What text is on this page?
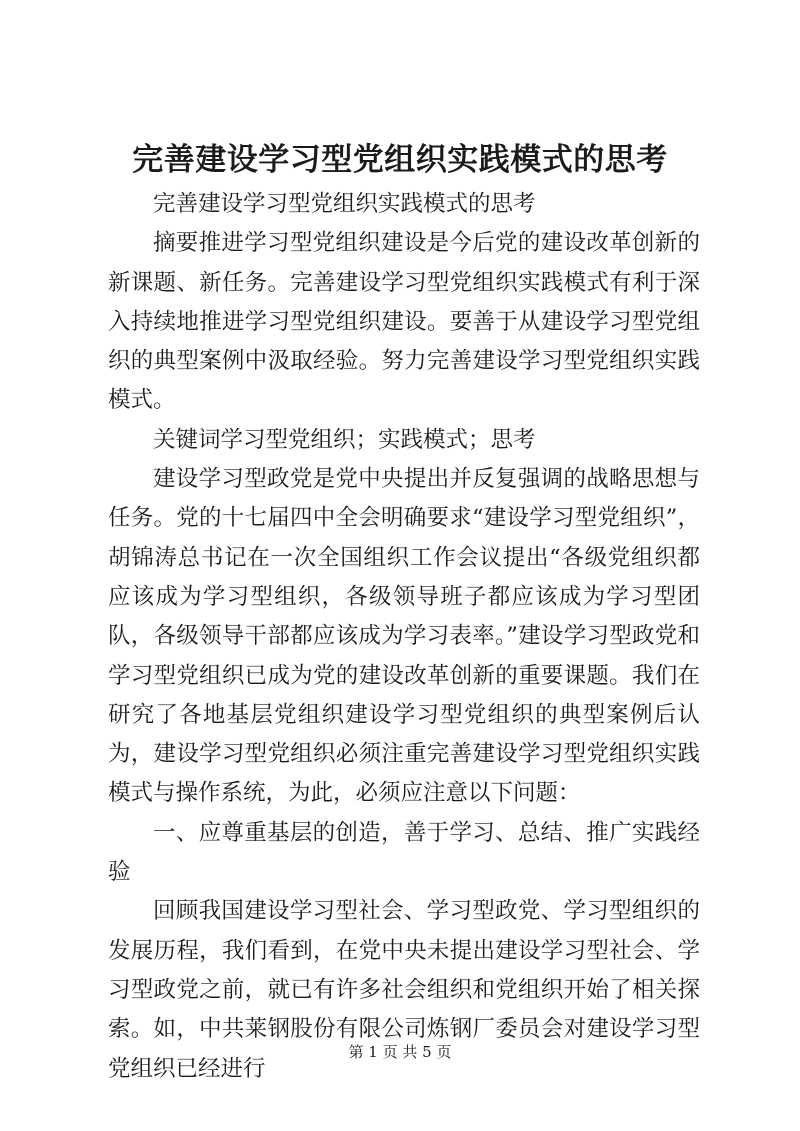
完善建设学习型党组织实践模式的思考

完善建设学习型党组织实践模式的思考

摘要推进学习型党组织建设是今后党的建设改革创新的新课题、新任务。完善建设学习型党组织实践模式有利于深入持续地推进学习型党组织建设。要善于从建设学习型党组织的典型案例中汲取经验。努力完善建设学习型党组织实践模式。

关键词学习型党组织；实践模式；思考

建设学习型政党是党中央提出并反复强调的战略思想与任务。党的十七届四中全会明确要求“建设学习型党组织”，胡锦涛总书记在一次全国组织工作会议提出“各级党组织都应该成为学习型组织，各级领导班子都应该成为学习型团队，各级领导干部都应该成为学习表率。”建设学习型政党和学习型党组织已成为党的建设改革创新的重要课题。我们在研究了各地基层党组织建设学习型党组织的典型案例后认为，建设学习型党组织必须注重完善建设学习型党组织实践模式与操作系统，为此，必须应注意以下问题：

一、应尊重基层的创造，善于学习、总结、推广实践经验

回顾我国建设学习型社会、学习型政党、学习型组织的发展历程，我们看到，在党中央未提出建设学习型社会、学习型政党之前，就已有许多社会组织和党组织开始了相关探索。如，中共莱钢股份有限公司炼钢厂委员会对建设学习型党组织已经进行

第 1 页 共 5 页
